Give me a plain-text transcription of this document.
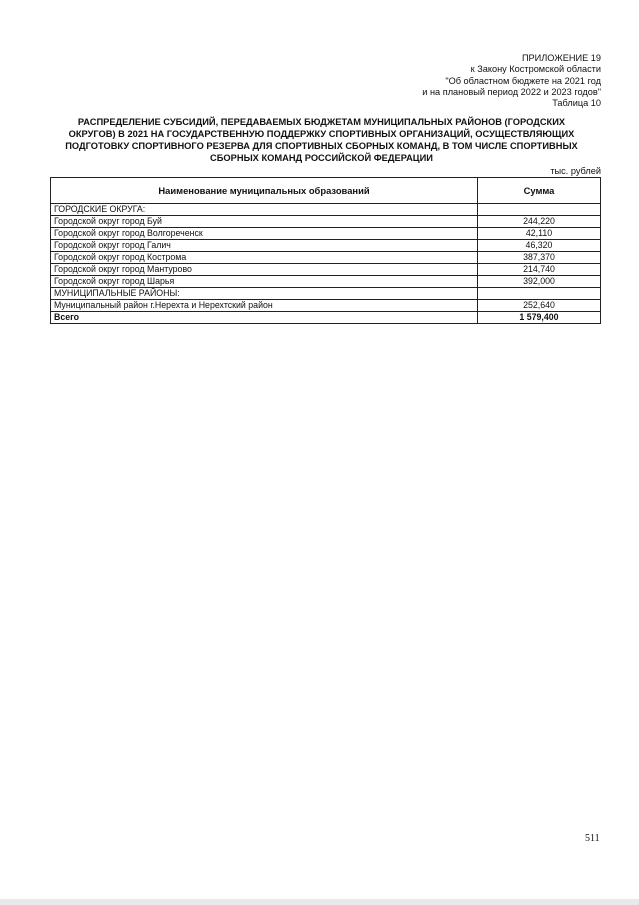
ПРИЛОЖЕНИЕ 19
к Закону Костромской области
"Об областном бюджете на 2021 год
и на плановый период 2022 и 2023 годов"
Таблица 10
РАСПРЕДЕЛЕНИЕ СУБСИДИЙ, ПЕРЕДАВАЕМЫХ БЮДЖЕТАМ МУНИЦИПАЛЬНЫХ РАЙОНОВ (ГОРОДСКИХ
ОКРУГОВ) В 2021 НА ГОСУДАРСТВЕННУЮ ПОДДЕРЖКУ СПОРТИВНЫХ ОРГАНИЗАЦИЙ, ОСУЩЕСТВЛЯЮЩИХ
ПОДГОТОВКУ СПОРТИВНОГО РЕЗЕРВА ДЛЯ СПОРТИВНЫХ СБОРНЫХ КОМАНД, В ТОМ ЧИСЛЕ СПОРТИВНЫХ
СБОРНЫХ КОМАНД РОССИЙСКОЙ ФЕДЕРАЦИИ
тыс. рублей
Наименование муниципальных образований	Сумма
ГОРОДСКИЕ ОКРУГА:	
Городской округ город Буй	244,220
Городской округ город Волгореченск	42,110
Городской округ город Галич	46,320
Городской округ город Кострома	387,370
Городской округ город Мантурово	214,740
Городской округ город Шарья	392,000
МУНИЦИПАЛЬНЫЕ РАЙОНЫ:	
Муниципальный район г.Нерехта и Нерехтский район	252,640
Всего	1 579,400
511
